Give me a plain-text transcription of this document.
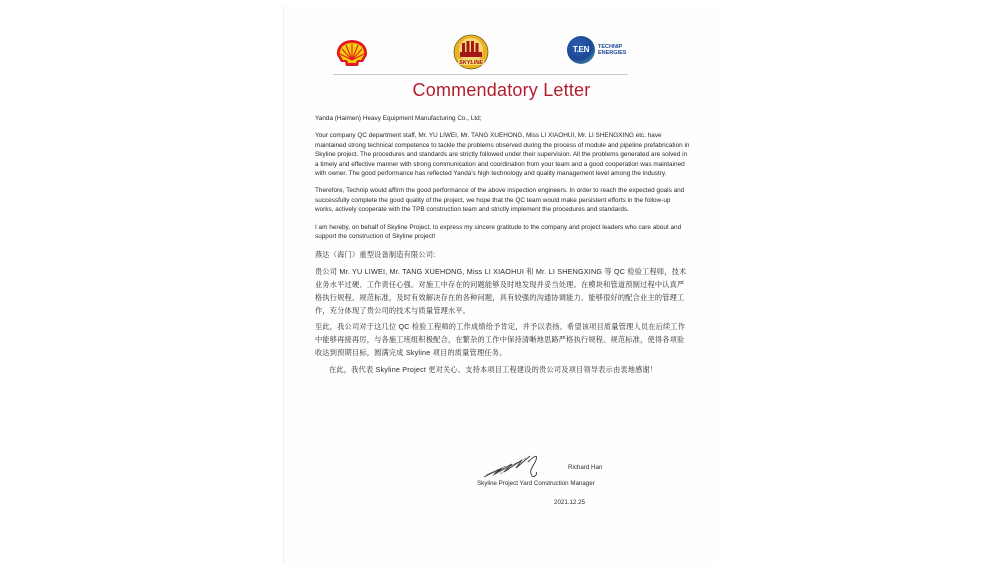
SKYLINE
T.EN	TECHNIP
ENERGIES
Commendatory Letter

Yanda (Haimen) Heavy Equipment Manufacturing Co., Ltd;

Your company QC department staff, Mr. YU LIWEI, Mr. TANG XUEHONG, Miss LI XIAOHUI, Mr. LI SHENGXING etc. have maintained strong technical competence to tackle the problems observed during the process of module and pipeline prefabrication in Skyline project. The procedures and standards are strictly followed under their supervision. All the problems generated are solved in a timely and effective manner with strong communication and coordination from your team and a good cooperation was maintained with owner. The good performance has reflected Yanda's high technology and quality management level among the industry.

Therefore, Technip would affirm the good performance of the above inspection engineers. In order to reach the expected goals and successfully complete the good quality of the project, we hope that the QC team would make persistent efforts in the follow-up works, actively cooperate with the TPB construction team and strictly implement the procedures and standards.

I am hereby, on behalf of Skyline Project, to express my sincere gratitude to the company and project leaders who care about and support the construction of Skyline project!

燕达（海门）重型设备制造有限公司:

贵公司 Mr. YU LIWEI, Mr. TANG XUEHONG, Miss LI XIAOHUI 和 Mr. LI SHENGXING 等 QC 检验工程师，技术业务水平过硬、工作责任心强。对施工中存在的问题能够及时地发现并妥当处理。在模块和管道预制过程中认真严格执行规程、规范标准，及时有效解决存在的各种问题，具有较强的沟通协调能力、能够很好的配合业主的管理工作，充分体现了贵公司的技术与质量管理水平。

至此，我公司对于这几位 QC 检验工程师的工作成绩给予肯定，并予以表扬。希望该项目质量管理人员在后续工作中能够再接再厉，与各施工班组积极配合，在繁杂的工作中保持清晰地思路严格执行规程、规范标准，使得各项验收达到预期目标，圆满完成 Skyline 项目的质量管理任务。

在此，我代表 Skyline Project 更对关心、支持本项目工程建设的贵公司及项目领导表示由衷地感谢！

Richard Han
Skyline Project Yard Construction Manager
2021.12.25
